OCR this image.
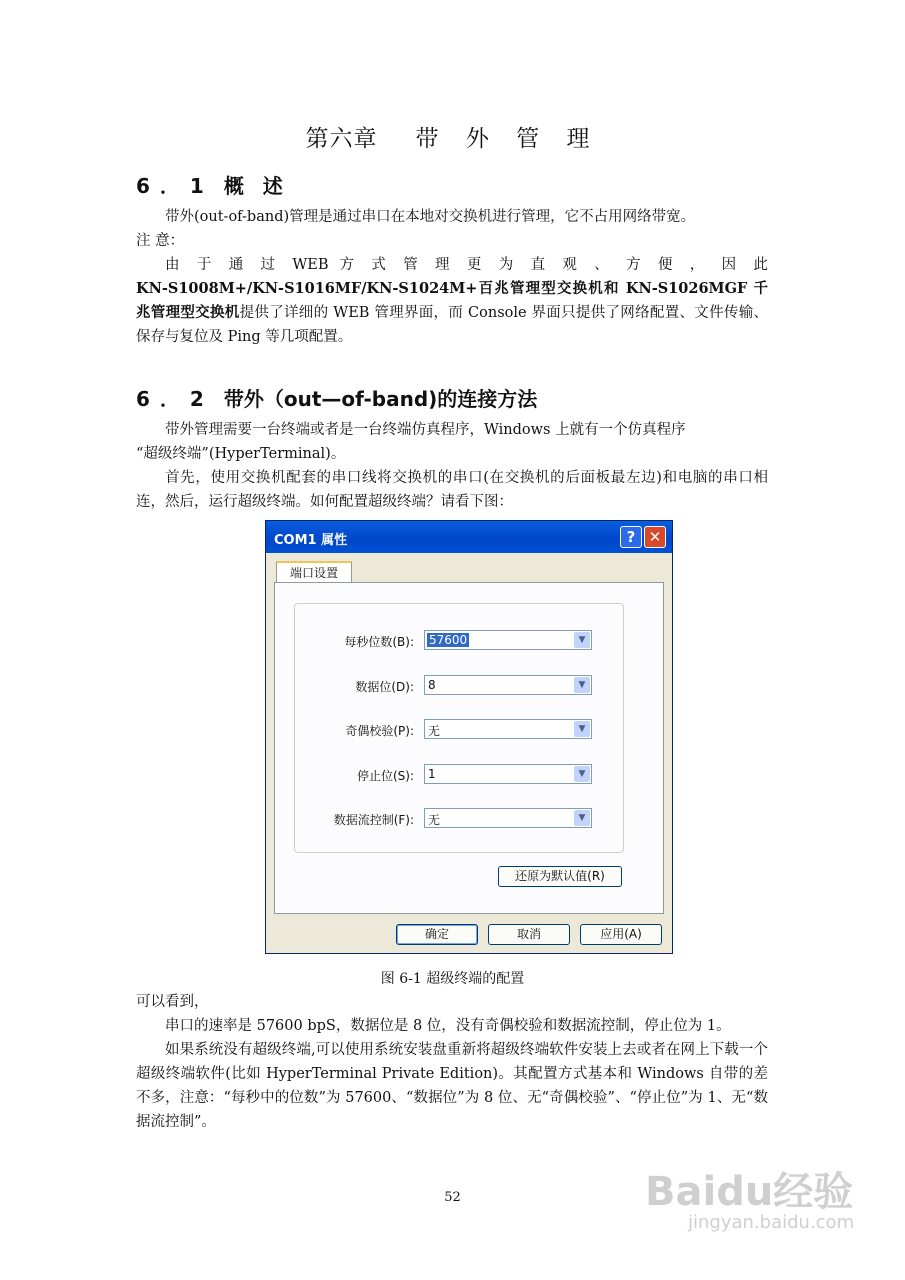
第六章 带 外 管 理
6．1 概 述
带外(out-of-band)管理是通过串口在本地对交换机进行管理，它不占用网络带宽。
注 意：
由 于 通 过 WEB 方 式 管 理 更 为 直 观 、 方 便 ， 因 此
KN-S1008M+/KN-S1016MF/KN-S1024M+百兆管理型交换机和 KN-S1026MGF 千兆管理型交换机提供了详细的 WEB 管理界面，而 Console 界面只提供了网络配置、文件传输、保存与复位及 Ping 等几项配置。
6．2 带外（out—of-band)的连接方法
带外管理需要一台终端或者是一台终端仿真程序，Windows 上就有一个仿真程序
“超级终端”(HyperTerminal)。
首先，使用交换机配套的串口线将交换机的串口(在交换机的后面板最左边)和电脑的串口相连，然后，运行超级终端。如何配置超级终端？请看下图：
COM1 属性	? ✕
端口设置
每秒位数(B): 57600	▼
数据位(D): 8	▼
奇偶校验(P): 无	▼
停止位(S): 1	▼
数据流控制(F): 无	▼
还原为默认值(R)
确定	取消	应用(A)
图 6-1 超级终端的配置
可以看到，
串口的速率是 57600 bpS，数据位是 8 位，没有奇偶校验和数据流控制，停止位为 1。
如果系统没有超级终端,可以使用系统安装盘重新将超级终端软件安装上去或者在网上下载一个超级终端软件(比如 HyperTerminal Private Edition)。其配置方式基本和 Windows 自带的差不多，注意：“每秒中的位数”为 57600、“数据位”为 8 位、无“奇偶校验”、“停止位”为 1、无“数据流控制”。
52	Baidu经验
jingyan.baidu.com
